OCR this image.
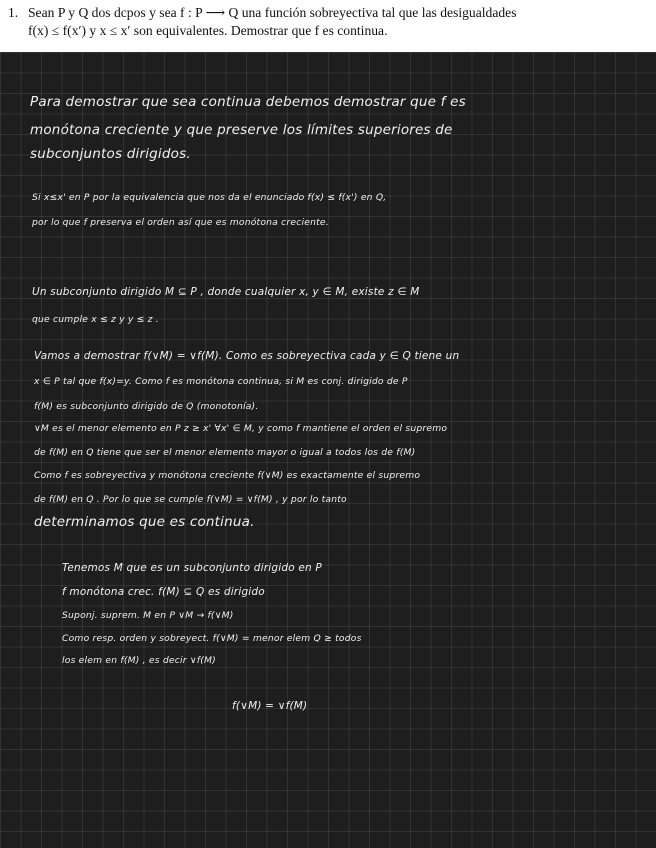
1. Sean P y Q dos dcpos y sea f : P ⟶ Q una función sobreyectiva tal que las desigualdades
f(x) ≤ f(x′) y x ≤ x′ son equivalentes. Demostrar que f es continua.
Para demostrar que sea continua debemos demostrar que f es
monótona creciente y que preserve los límites superiores de
subconjuntos dirigidos.
Si x≤x' en P por la equivalencia que nos da el enunciado f(x) ≤ f(x') en Q,
por lo que f preserva el orden así que es monótona creciente.
Un subconjunto dirigido M ⊆ P , donde cualquier x, y ∈ M, existe z ∈ M
que cumple x ≤ z y y ≤ z .
Vamos a demostrar f(∨M) = ∨f(M). Como es sobreyectiva cada y ∈ Q tiene un
x ∈ P tal que f(x)=y. Como f es monótona continua, si M es conj. dirigido de P
f(M) es subconjunto dirigido de Q (monotonía).
∨M es el menor elemento en P z ≥ x' ∀x' ∈ M, y como f mantiene el orden el supremo
de f(M) en Q tiene que ser el menor elemento mayor o igual a todos los de f(M)
Como f es sobreyectiva y monótona creciente f(∨M) es exactamente el supremo
de f(M) en Q . Por lo que se cumple f(∨M) = ∨f(M) , y por lo tanto
determinamos que es continua.
Tenemos M que es un subconjunto dirigido en P
f monótona crec. f(M) ⊆ Q es dirigido
Suponj. suprem. M en P ∨M → f(∨M)
Como resp. orden y sobreyect. f(∨M) = menor elem Q ≥ todos
los elem en f(M) , es decir ∨f(M)
f(∨M) = ∨f(M)
